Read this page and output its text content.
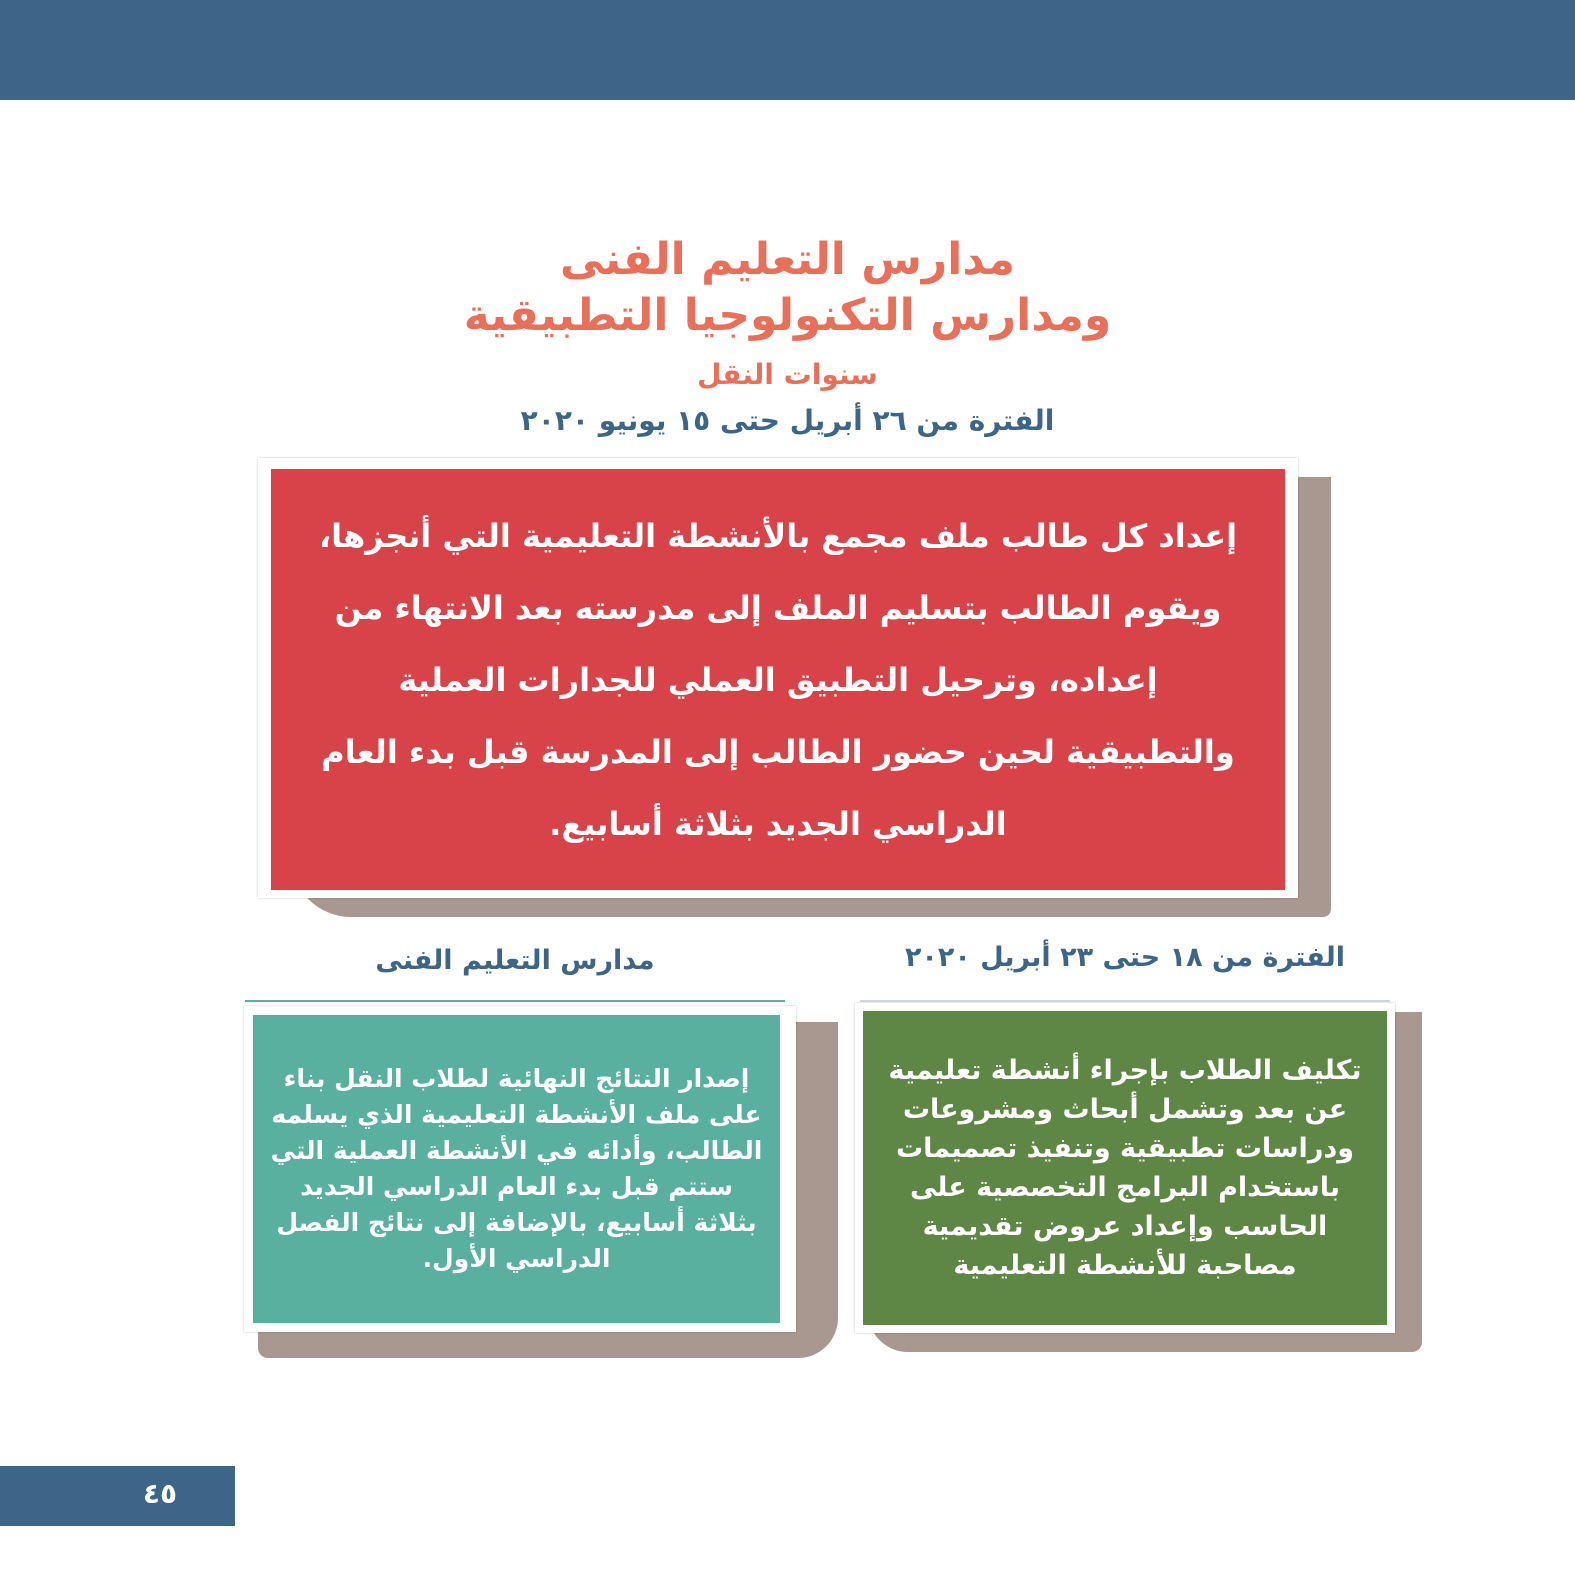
مدارس التعليم الفنى
ومدارس التكنولوجيا التطبيقية
سنوات النقل
الفترة من ٢٦ أبريل حتى ١٥ يونيو ٢٠٢٠

إعداد كل طالب ملف مجمع بالأنشطة التعليمية التي أنجزها، ويقوم الطالب بتسليم الملف إلى مدرسته بعد الانتهاء من إعداده، وترحيل التطبيق العملي للجدارات العملية والتطبيقية لحين حضور الطالب إلى المدرسة قبل بدء العام الدراسي الجديد بثلاثة أسابيع.

مدارس التعليم الفنى	الفترة من ١٨ حتى ٢٣ أبريل ٢٠٢٠

إصدار النتائج النهائية لطلاب النقل بناء على ملف الأنشطة التعليمية الذي يسلمه الطالب، وأدائه في الأنشطة العملية التي ستتم قبل بدء العام الدراسي الجديد بثلاثة أسابيع، بالإضافة إلى نتائج الفصل الدراسي الأول.

تكليف الطلاب بإجراء أنشطة تعليمية عن بعد وتشمل أبحاث ومشروعات ودراسات تطبيقية وتنفيذ تصميمات باستخدام البرامج التخصصية على الحاسب وإعداد عروض تقديمية مصاحبة للأنشطة التعليمية

٤٥
